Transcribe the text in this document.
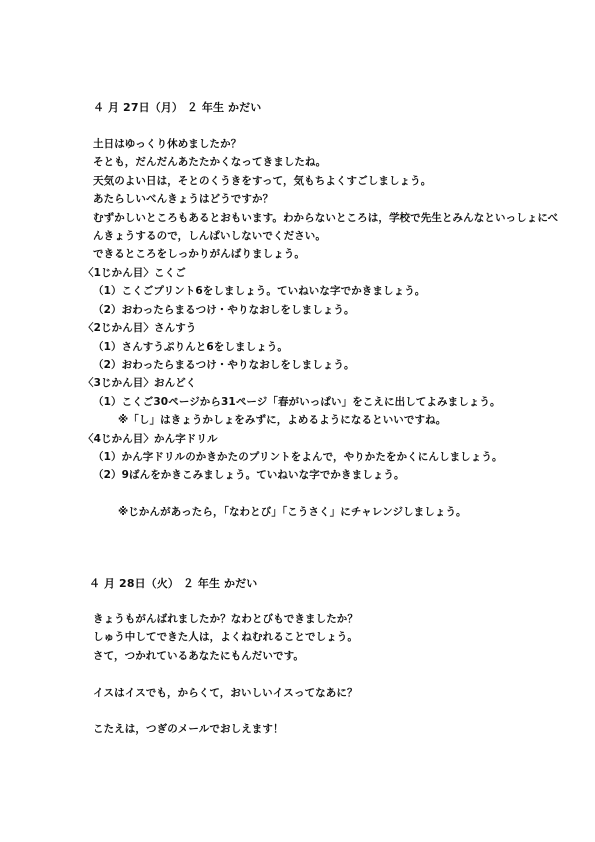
４ 月 27日（月） ２ 年生 かだい
土日はゆっくり休めましたか？
そとも，だんだんあたたかくなってきましたね。
天気のよい日は，そとのくうきをすって，気もちよくすごしましょう。
あたらしいべんきょうはどうですか？
むずかしいところもあるとおもいます。わからないところは，学校で先生とみんなといっしょにべ
んきょうするので，しんぱいしないでください。
できるところをしっかりがんばりましょう。
〈1じかん目〉こくご
（1）こくごプリント6をしましょう。ていねいな字でかきましょう。
（2）おわったらまるつけ・やりなおしをしましょう。
〈2じかん目〉さんすう
（1）さんすうぷりんと6をしましょう。
（2）おわったらまるつけ・やりなおしをしましょう。
〈3じかん目〉おんどく
（1）こくご30ページから31ページ「春がいっぱい」をこえに出してよみましょう。
※「し」はきょうかしょをみずに，よめるようになるといいですね。
〈4じかん目〉かん字ドリル
（1）かん字ドリルのかきかたのプリントをよんで，やりかたをかくにんしましょう。
（2）9ばんをかきこみましょう。ていねいな字でかきましょう。
※じかんがあったら，「なわとび」「こうさく」にチャレンジしましょう。
４ 月 28日（火） ２ 年生 かだい
きょうもがんばれましたか？なわとびもできましたか？
しゅう中してできた人は，よくねむれることでしょう。
さて，つかれているあなたにもんだいです。
イスはイスでも，からくて，おいしいイスってなあに？
こたえは，つぎのメールでおしえます！
